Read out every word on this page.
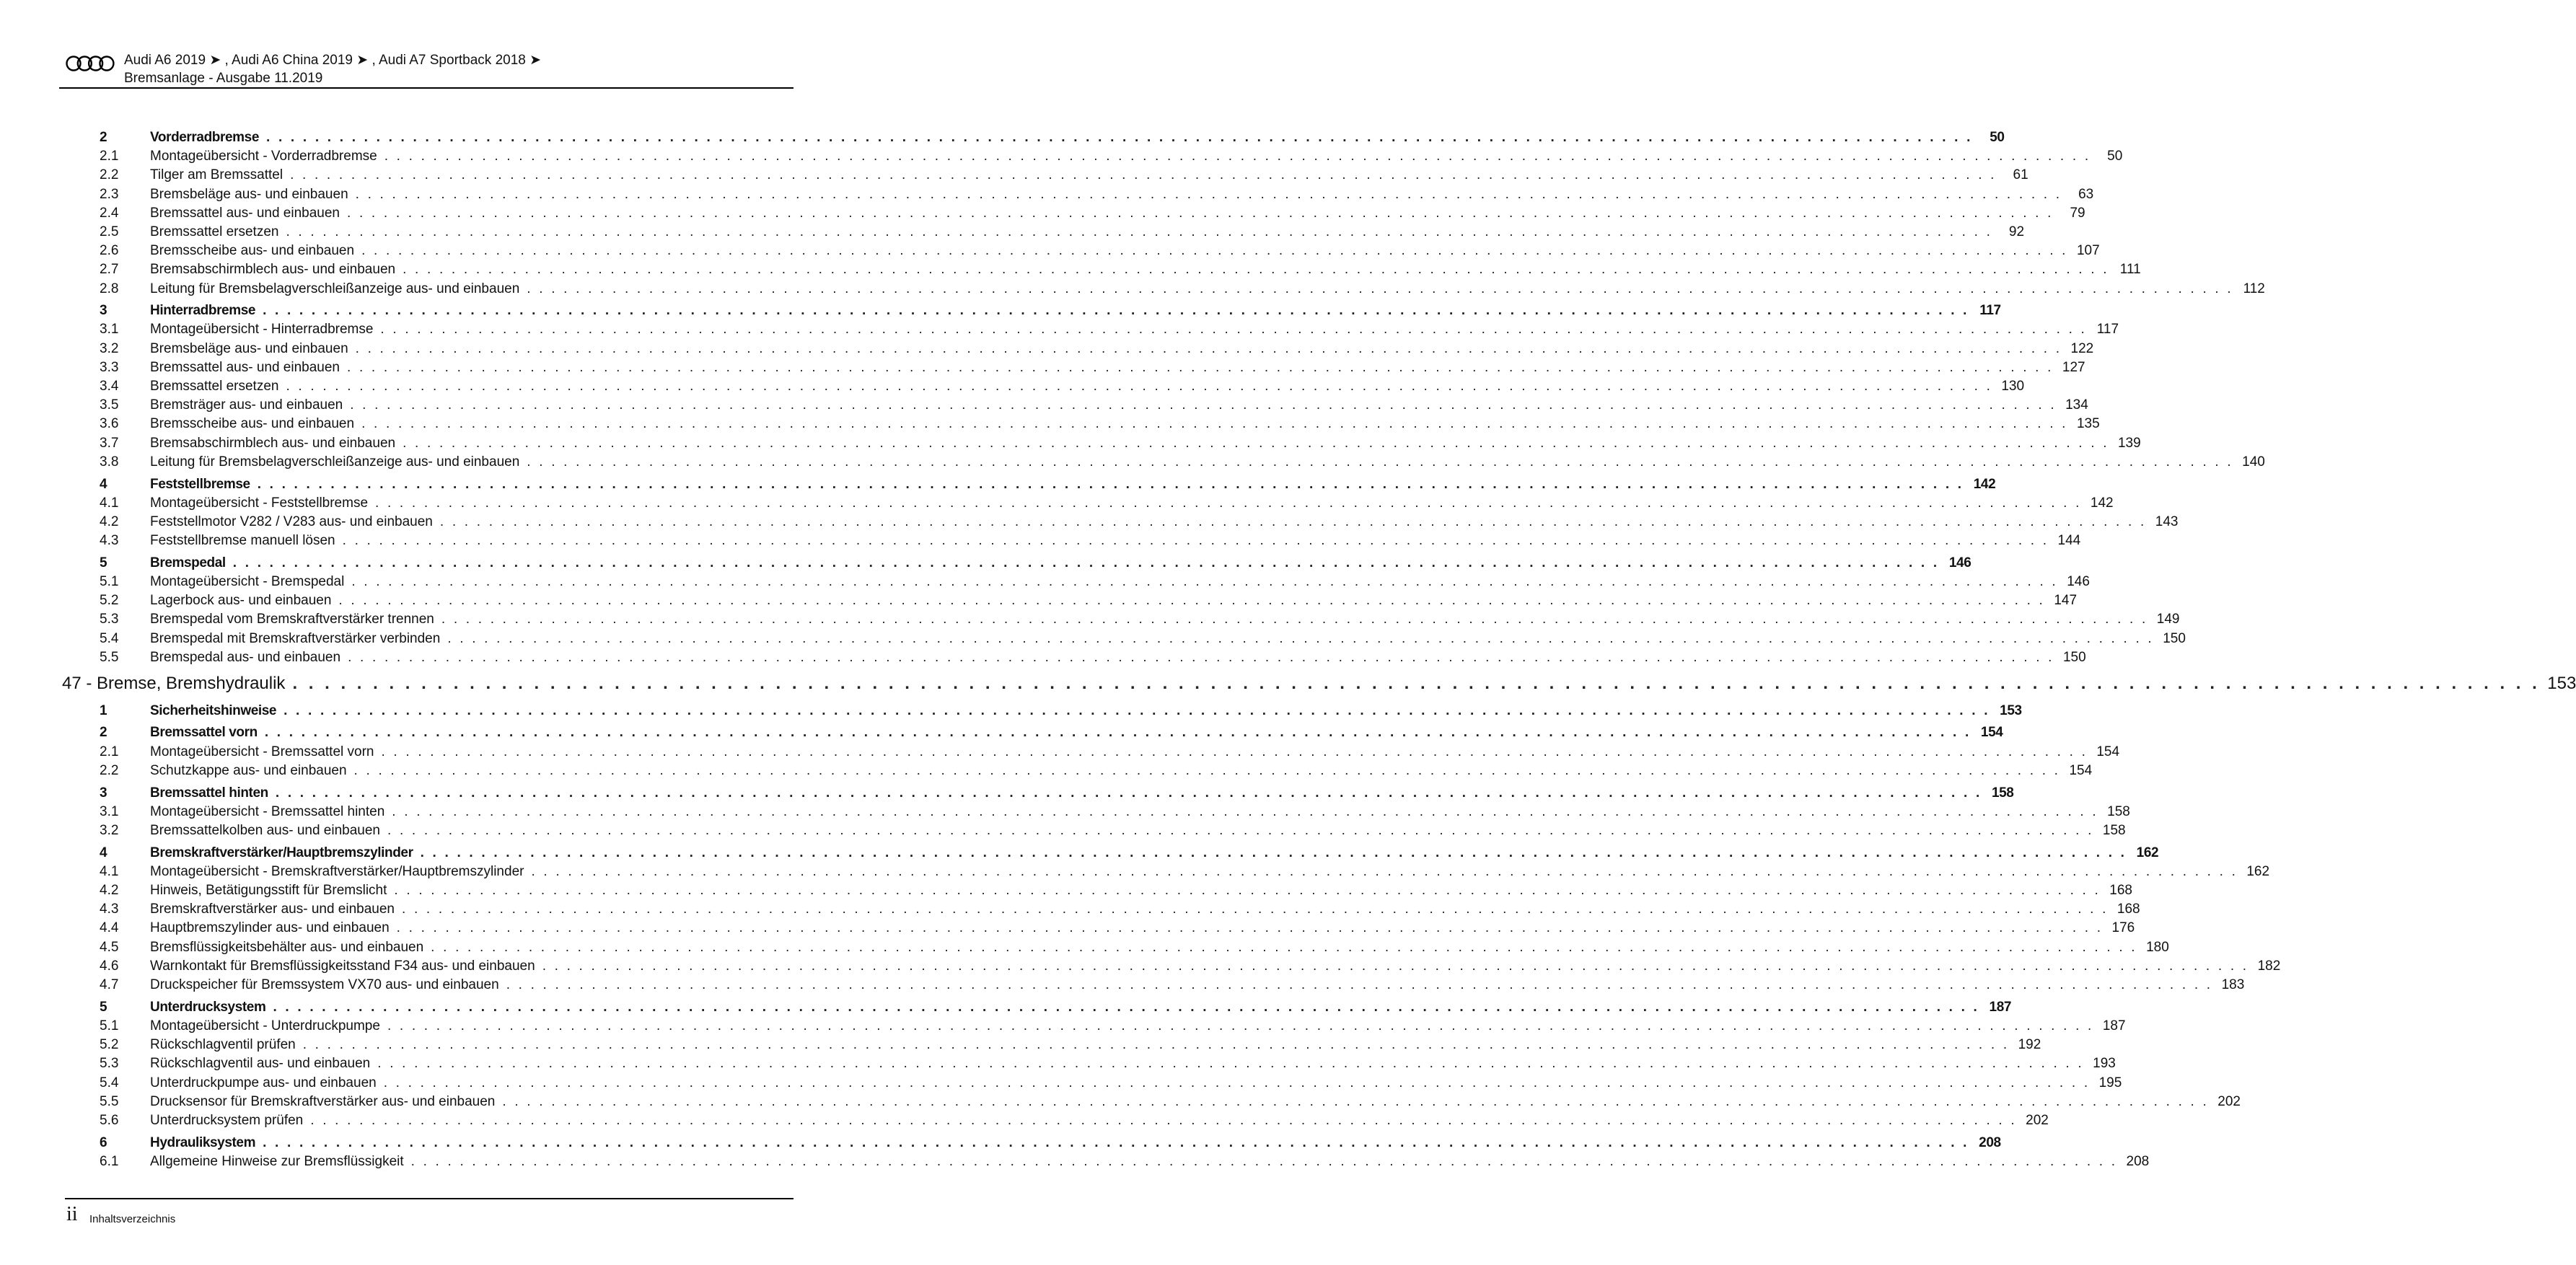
Audi A6 2019 ➤ , Audi A6 China 2019 ➤ , Audi A7 Sportback 2018 ➤
Bremsanlage - Ausgabe 11.2019
2	Vorderradbremse . . . . . . . . . . . . . . . . . . . . . . . . . . . . . . . . . . . . . . . . . . . . . . . . . . . . . . . . . . . . . . . . . . . . . . . . . . . . . . . . . . . . . . . . . . . . . . . . . . . . . . . . . . . . . . . . . . . . . . . . . . . . . . . . . . . . . . . . . . . .	50
2.1	Montageübersicht - Vorderradbremse . . . . . . . . . . . . . . . . . . . . . . . . . . . . . . . . . . . . . . . . . . . . . . . . . . . . . . . . . . . . . . . . . . . . . . . . . . . . . . . . . . . . . . . . . . . . . . . . . . . . . . . . . . . . . . . . . . . . . . . . . . . . . . . . . . . . . . . . . . . .	50
2.2	Tilger am Bremssattel . . . . . . . . . . . . . . . . . . . . . . . . . . . . . . . . . . . . . . . . . . . . . . . . . . . . . . . . . . . . . . . . . . . . . . . . . . . . . . . . . . . . . . . . . . . . . . . . . . . . . . . . . . . . . . . . . . . . . . . . . . . . . . . . . . . . . . . . . . . .	61
2.3	Bremsbeläge aus- und einbauen . . . . . . . . . . . . . . . . . . . . . . . . . . . . . . . . . . . . . . . . . . . . . . . . . . . . . . . . . . . . . . . . . . . . . . . . . . . . . . . . . . . . . . . . . . . . . . . . . . . . . . . . . . . . . . . . . . . . . . . . . . . . . . . . . . . . . . . . . . . .	63
2.4	Bremssattel aus- und einbauen . . . . . . . . . . . . . . . . . . . . . . . . . . . . . . . . . . . . . . . . . . . . . . . . . . . . . . . . . . . . . . . . . . . . . . . . . . . . . . . . . . . . . . . . . . . . . . . . . . . . . . . . . . . . . . . . . . . . . . . . . . . . . . . . . . . . . . . . . . . .	79
2.5	Bremssattel ersetzen . . . . . . . . . . . . . . . . . . . . . . . . . . . . . . . . . . . . . . . . . . . . . . . . . . . . . . . . . . . . . . . . . . . . . . . . . . . . . . . . . . . . . . . . . . . . . . . . . . . . . . . . . . . . . . . . . . . . . . . . . . . . . . . . . . . . . . . . . . . .	92
2.6	Bremsscheibe aus- und einbauen . . . . . . . . . . . . . . . . . . . . . . . . . . . . . . . . . . . . . . . . . . . . . . . . . . . . . . . . . . . . . . . . . . . . . . . . . . . . . . . . . . . . . . . . . . . . . . . . . . . . . . . . . . . . . . . . . . . . . . . . . . . . . . . . . . . . . . . . . . . . 107
2.7	Bremsabschirmblech aus- und einbauen . . . . . . . . . . . . . . . . . . . . . . . . . . . . . . . . . . . . . . . . . . . . . . . . . . . . . . . . . . . . . . . . . . . . . . . . . . . . . . . . . . . . . . . . . . . . . . . . . . . . . . . . . . . . . . . . . . . . . . . . . . . . . . . . . . . . . . . . . . . . 111
2.8	Leitung für Bremsbelagverschleißanzeige aus- und einbauen . . . . . . . . . . . . . . . . . . . . . . . . . . . . . . . . . . . . . . . . . . . . . . . . . . . . . . . . . . . . . . . . . . . . . . . . . . . . . . . . . . . . . . . . . . . . . . . . . . . . . . . . . . . . . . . . . . . . . . . . . . . . . . . . . . . . . . . . . . . . 112
3	Hinterradbremse . . . . . . . . . . . . . . . . . . . . . . . . . . . . . . . . . . . . . . . . . . . . . . . . . . . . . . . . . . . . . . . . . . . . . . . . . . . . . . . . . . . . . . . . . . . . . . . . . . . . . . . . . . . . . . . . . . . . . . . . . . . . . . . . . . . . . . . . . . . . 117
3.1	Montageübersicht - Hinterradbremse . . . . . . . . . . . . . . . . . . . . . . . . . . . . . . . . . . . . . . . . . . . . . . . . . . . . . . . . . . . . . . . . . . . . . . . . . . . . . . . . . . . . . . . . . . . . . . . . . . . . . . . . . . . . . . . . . . . . . . . . . . . . . . . . . . . . . . . . . . . . 117
3.2	Bremsbeläge aus- und einbauen . . . . . . . . . . . . . . . . . . . . . . . . . . . . . . . . . . . . . . . . . . . . . . . . . . . . . . . . . . . . . . . . . . . . . . . . . . . . . . . . . . . . . . . . . . . . . . . . . . . . . . . . . . . . . . . . . . . . . . . . . . . . . . . . . . . . . . . . . . . . 122
3.3	Bremssattel aus- und einbauen . . . . . . . . . . . . . . . . . . . . . . . . . . . . . . . . . . . . . . . . . . . . . . . . . . . . . . . . . . . . . . . . . . . . . . . . . . . . . . . . . . . . . . . . . . . . . . . . . . . . . . . . . . . . . . . . . . . . . . . . . . . . . . . . . . . . . . . . . . . . 127
3.4	Bremssattel ersetzen . . . . . . . . . . . . . . . . . . . . . . . . . . . . . . . . . . . . . . . . . . . . . . . . . . . . . . . . . . . . . . . . . . . . . . . . . . . . . . . . . . . . . . . . . . . . . . . . . . . . . . . . . . . . . . . . . . . . . . . . . . . . . . . . . . . . . . . . . . . . 130
3.5	Bremsträger aus- und einbauen . . . . . . . . . . . . . . . . . . . . . . . . . . . . . . . . . . . . . . . . . . . . . . . . . . . . . . . . . . . . . . . . . . . . . . . . . . . . . . . . . . . . . . . . . . . . . . . . . . . . . . . . . . . . . . . . . . . . . . . . . . . . . . . . . . . . . . . . . . . . 134
3.6	Bremsscheibe aus- und einbauen . . . . . . . . . . . . . . . . . . . . . . . . . . . . . . . . . . . . . . . . . . . . . . . . . . . . . . . . . . . . . . . . . . . . . . . . . . . . . . . . . . . . . . . . . . . . . . . . . . . . . . . . . . . . . . . . . . . . . . . . . . . . . . . . . . . . . . . . . . . . 135
3.7	Bremsabschirmblech aus- und einbauen . . . . . . . . . . . . . . . . . . . . . . . . . . . . . . . . . . . . . . . . . . . . . . . . . . . . . . . . . . . . . . . . . . . . . . . . . . . . . . . . . . . . . . . . . . . . . . . . . . . . . . . . . . . . . . . . . . . . . . . . . . . . . . . . . . . . . . . . . . . . 139
3.8	Leitung für Bremsbelagverschleißanzeige aus- und einbauen . . . . . . . . . . . . . . . . . . . . . . . . . . . . . . . . . . . . . . . . . . . . . . . . . . . . . . . . . . . . . . . . . . . . . . . . . . . . . . . . . . . . . . . . . . . . . . . . . . . . . . . . . . . . . . . . . . . . . . . . . . . . . . . . . . . . . . . . . . . . 140
4	Feststellbremse . . . . . . . . . . . . . . . . . . . . . . . . . . . . . . . . . . . . . . . . . . . . . . . . . . . . . . . . . . . . . . . . . . . . . . . . . . . . . . . . . . . . . . . . . . . . . . . . . . . . . . . . . . . . . . . . . . . . . . . . . . . . . . . . . . . . . . . . . . . . 142
4.1	Montageübersicht - Feststellbremse . . . . . . . . . . . . . . . . . . . . . . . . . . . . . . . . . . . . . . . . . . . . . . . . . . . . . . . . . . . . . . . . . . . . . . . . . . . . . . . . . . . . . . . . . . . . . . . . . . . . . . . . . . . . . . . . . . . . . . . . . . . . . . . . . . . . . . . . . . . . 142
4.2	Feststellmotor V282 / V283 aus- und einbauen . . . . . . . . . . . . . . . . . . . . . . . . . . . . . . . . . . . . . . . . . . . . . . . . . . . . . . . . . . . . . . . . . . . . . . . . . . . . . . . . . . . . . . . . . . . . . . . . . . . . . . . . . . . . . . . . . . . . . . . . . . . . . . . . . . . . . . . . . . . . 143
4.3	Feststellbremse manuell lösen . . . . . . . . . . . . . . . . . . . . . . . . . . . . . . . . . . . . . . . . . . . . . . . . . . . . . . . . . . . . . . . . . . . . . . . . . . . . . . . . . . . . . . . . . . . . . . . . . . . . . . . . . . . . . . . . . . . . . . . . . . . . . . . . . . . . . . . . . . . . 144
5	Bremspedal . . . . . . . . . . . . . . . . . . . . . . . . . . . . . . . . . . . . . . . . . . . . . . . . . . . . . . . . . . . . . . . . . . . . . . . . . . . . . . . . . . . . . . . . . . . . . . . . . . . . . . . . . . . . . . . . . . . . . . . . . . . . . . . . . . . . . . . . . . . . 146
5.1	Montageübersicht - Bremspedal . . . . . . . . . . . . . . . . . . . . . . . . . . . . . . . . . . . . . . . . . . . . . . . . . . . . . . . . . . . . . . . . . . . . . . . . . . . . . . . . . . . . . . . . . . . . . . . . . . . . . . . . . . . . . . . . . . . . . . . . . . . . . . . . . . . . . . . . . . . . 146
5.2	Lagerbock aus- und einbauen . . . . . . . . . . . . . . . . . . . . . . . . . . . . . . . . . . . . . . . . . . . . . . . . . . . . . . . . . . . . . . . . . . . . . . . . . . . . . . . . . . . . . . . . . . . . . . . . . . . . . . . . . . . . . . . . . . . . . . . . . . . . . . . . . . . . . . . . . . . . 147
5.3	Bremspedal vom Bremskraftverstärker trennen . . . . . . . . . . . . . . . . . . . . . . . . . . . . . . . . . . . . . . . . . . . . . . . . . . . . . . . . . . . . . . . . . . . . . . . . . . . . . . . . . . . . . . . . . . . . . . . . . . . . . . . . . . . . . . . . . . . . . . . . . . . . . . . . . . . . . . . . . . . . 149
5.4	Bremspedal mit Bremskraftverstärker verbinden . . . . . . . . . . . . . . . . . . . . . . . . . . . . . . . . . . . . . . . . . . . . . . . . . . . . . . . . . . . . . . . . . . . . . . . . . . . . . . . . . . . . . . . . . . . . . . . . . . . . . . . . . . . . . . . . . . . . . . . . . . . . . . . . . . . . . . . . . . . . 150
5.5	Bremspedal aus- und einbauen . . . . . . . . . . . . . . . . . . . . . . . . . . . . . . . . . . . . . . . . . . . . . . . . . . . . . . . . . . . . . . . . . . . . . . . . . . . . . . . . . . . . . . . . . . . . . . . . . . . . . . . . . . . . . . . . . . . . . . . . . . . . . . . . . . . . . . . . . . . . 150
47 - Bremse, Bremshydraulik . . . . . . . . . . . . . . . . . . . . . . . . . . . . . . . . . . . . . . . . . . . . . . . . . . . . . . . . . . . . . . . . . . . . . . . . . . . . . . . . . . . . . . . . . . . . . . . . . . . . . . . . . . . . . . . . . . . . . . . . . . . . . . . . . . . . . . . . . . . . 153
1	Sicherheitshinweise . . . . . . . . . . . . . . . . . . . . . . . . . . . . . . . . . . . . . . . . . . . . . . . . . . . . . . . . . . . . . . . . . . . . . . . . . . . . . . . . . . . . . . . . . . . . . . . . . . . . . . . . . . . . . . . . . . . . . . . . . . . . . . . . . . . . . . . . . . . . 153
2	Bremssattel vorn . . . . . . . . . . . . . . . . . . . . . . . . . . . . . . . . . . . . . . . . . . . . . . . . . . . . . . . . . . . . . . . . . . . . . . . . . . . . . . . . . . . . . . . . . . . . . . . . . . . . . . . . . . . . . . . . . . . . . . . . . . . . . . . . . . . . . . . . . . . . 154
2.1	Montageübersicht - Bremssattel vorn . . . . . . . . . . . . . . . . . . . . . . . . . . . . . . . . . . . . . . . . . . . . . . . . . . . . . . . . . . . . . . . . . . . . . . . . . . . . . . . . . . . . . . . . . . . . . . . . . . . . . . . . . . . . . . . . . . . . . . . . . . . . . . . . . . . . . . . . . . . . 154
2.2	Schutzkappe aus- und einbauen . . . . . . . . . . . . . . . . . . . . . . . . . . . . . . . . . . . . . . . . . . . . . . . . . . . . . . . . . . . . . . . . . . . . . . . . . . . . . . . . . . . . . . . . . . . . . . . . . . . . . . . . . . . . . . . . . . . . . . . . . . . . . . . . . . . . . . . . . . . . 154
3	Bremssattel hinten . . . . . . . . . . . . . . . . . . . . . . . . . . . . . . . . . . . . . . . . . . . . . . . . . . . . . . . . . . . . . . . . . . . . . . . . . . . . . . . . . . . . . . . . . . . . . . . . . . . . . . . . . . . . . . . . . . . . . . . . . . . . . . . . . . . . . . . . . . . . 158
3.1	Montageübersicht - Bremssattel hinten . . . . . . . . . . . . . . . . . . . . . . . . . . . . . . . . . . . . . . . . . . . . . . . . . . . . . . . . . . . . . . . . . . . . . . . . . . . . . . . . . . . . . . . . . . . . . . . . . . . . . . . . . . . . . . . . . . . . . . . . . . . . . . . . . . . . . . . . . . . . 158
3.2	Bremssattelkolben aus- und einbauen . . . . . . . . . . . . . . . . . . . . . . . . . . . . . . . . . . . . . . . . . . . . . . . . . . . . . . . . . . . . . . . . . . . . . . . . . . . . . . . . . . . . . . . . . . . . . . . . . . . . . . . . . . . . . . . . . . . . . . . . . . . . . . . . . . . . . . . . . . . . 158
4	Bremskraftverstärker/Hauptbremszylinder . . . . . . . . . . . . . . . . . . . . . . . . . . . . . . . . . . . . . . . . . . . . . . . . . . . . . . . . . . . . . . . . . . . . . . . . . . . . . . . . . . . . . . . . . . . . . . . . . . . . . . . . . . . . . . . . . . . . . . . . . . . . . . . . . . . . . . . . . . . . 162
4.1	Montageübersicht - Bremskraftverstärker/Hauptbremszylinder . . . . . . . . . . . . . . . . . . . . . . . . . . . . . . . . . . . . . . . . . . . . . . . . . . . . . . . . . . . . . . . . . . . . . . . . . . . . . . . . . . . . . . . . . . . . . . . . . . . . . . . . . . . . . . . . . . . . . . . . . . . . . . . . . . . . . . . . . . . . 162
4.2	Hinweis, Betätigungsstift für Bremslicht . . . . . . . . . . . . . . . . . . . . . . . . . . . . . . . . . . . . . . . . . . . . . . . . . . . . . . . . . . . . . . . . . . . . . . . . . . . . . . . . . . . . . . . . . . . . . . . . . . . . . . . . . . . . . . . . . . . . . . . . . . . . . . . . . . . . . . . . . . . . 168
4.3	Bremskraftverstärker aus- und einbauen . . . . . . . . . . . . . . . . . . . . . . . . . . . . . . . . . . . . . . . . . . . . . . . . . . . . . . . . . . . . . . . . . . . . . . . . . . . . . . . . . . . . . . . . . . . . . . . . . . . . . . . . . . . . . . . . . . . . . . . . . . . . . . . . . . . . . . . . . . . . 168
4.4	Hauptbremszylinder aus- und einbauen . . . . . . . . . . . . . . . . . . . . . . . . . . . . . . . . . . . . . . . . . . . . . . . . . . . . . . . . . . . . . . . . . . . . . . . . . . . . . . . . . . . . . . . . . . . . . . . . . . . . . . . . . . . . . . . . . . . . . . . . . . . . . . . . . . . . . . . . . . . . 176
4.5	Bremsflüssigkeitsbehälter aus- und einbauen . . . . . . . . . . . . . . . . . . . . . . . . . . . . . . . . . . . . . . . . . . . . . . . . . . . . . . . . . . . . . . . . . . . . . . . . . . . . . . . . . . . . . . . . . . . . . . . . . . . . . . . . . . . . . . . . . . . . . . . . . . . . . . . . . . . . . . . . . . . . 180
4.6	Warnkontakt für Bremsflüssigkeitsstand F34 aus- und einbauen . . . . . . . . . . . . . . . . . . . . . . . . . . . . . . . . . . . . . . . . . . . . . . . . . . . . . . . . . . . . . . . . . . . . . . . . . . . . . . . . . . . . . . . . . . . . . . . . . . . . . . . . . . . . . . . . . . . . . . . . . . . . . . . . . . . . . . . . . . . . 182
4.7	Druckspeicher für Bremssystem VX70 aus- und einbauen . . . . . . . . . . . . . . . . . . . . . . . . . . . . . . . . . . . . . . . . . . . . . . . . . . . . . . . . . . . . . . . . . . . . . . . . . . . . . . . . . . . . . . . . . . . . . . . . . . . . . . . . . . . . . . . . . . . . . . . . . . . . . . . . . . . . . . . . . . . . 183
5	Unterdrucksystem . . . . . . . . . . . . . . . . . . . . . . . . . . . . . . . . . . . . . . . . . . . . . . . . . . . . . . . . . . . . . . . . . . . . . . . . . . . . . . . . . . . . . . . . . . . . . . . . . . . . . . . . . . . . . . . . . . . . . . . . . . . . . . . . . . . . . . . . . . . . 187
5.1	Montageübersicht - Unterdruckpumpe . . . . . . . . . . . . . . . . . . . . . . . . . . . . . . . . . . . . . . . . . . . . . . . . . . . . . . . . . . . . . . . . . . . . . . . . . . . . . . . . . . . . . . . . . . . . . . . . . . . . . . . . . . . . . . . . . . . . . . . . . . . . . . . . . . . . . . . . . . . . 187
5.2	Rückschlagventil prüfen . . . . . . . . . . . . . . . . . . . . . . . . . . . . . . . . . . . . . . . . . . . . . . . . . . . . . . . . . . . . . . . . . . . . . . . . . . . . . . . . . . . . . . . . . . . . . . . . . . . . . . . . . . . . . . . . . . . . . . . . . . . . . . . . . . . . . . . . . . . . 192
5.3	Rückschlagventil aus- und einbauen . . . . . . . . . . . . . . . . . . . . . . . . . . . . . . . . . . . . . . . . . . . . . . . . . . . . . . . . . . . . . . . . . . . . . . . . . . . . . . . . . . . . . . . . . . . . . . . . . . . . . . . . . . . . . . . . . . . . . . . . . . . . . . . . . . . . . . . . . . . . 193
5.4	Unterdruckpumpe aus- und einbauen . . . . . . . . . . . . . . . . . . . . . . . . . . . . . . . . . . . . . . . . . . . . . . . . . . . . . . . . . . . . . . . . . . . . . . . . . . . . . . . . . . . . . . . . . . . . . . . . . . . . . . . . . . . . . . . . . . . . . . . . . . . . . . . . . . . . . . . . . . . . 195
5.5	Drucksensor für Bremskraftverstärker aus- und einbauen . . . . . . . . . . . . . . . . . . . . . . . . . . . . . . . . . . . . . . . . . . . . . . . . . . . . . . . . . . . . . . . . . . . . . . . . . . . . . . . . . . . . . . . . . . . . . . . . . . . . . . . . . . . . . . . . . . . . . . . . . . . . . . . . . . . . . . . . . . . . 202
5.6	Unterdrucksystem prüfen . . . . . . . . . . . . . . . . . . . . . . . . . . . . . . . . . . . . . . . . . . . . . . . . . . . . . . . . . . . . . . . . . . . . . . . . . . . . . . . . . . . . . . . . . . . . . . . . . . . . . . . . . . . . . . . . . . . . . . . . . . . . . . . . . . . . . . . . . . . . 202
6	Hydrauliksystem . . . . . . . . . . . . . . . . . . . . . . . . . . . . . . . . . . . . . . . . . . . . . . . . . . . . . . . . . . . . . . . . . . . . . . . . . . . . . . . . . . . . . . . . . . . . . . . . . . . . . . . . . . . . . . . . . . . . . . . . . . . . . . . . . . . . . . . . . . . . 208
6.1	Allgemeine Hinweise zur Bremsflüssigkeit . . . . . . . . . . . . . . . . . . . . . . . . . . . . . . . . . . . . . . . . . . . . . . . . . . . . . . . . . . . . . . . . . . . . . . . . . . . . . . . . . . . . . . . . . . . . . . . . . . . . . . . . . . . . . . . . . . . . . . . . . . . . . . . . . . . . . . . . . . . . 208
ii Inhaltsverzeichnis
